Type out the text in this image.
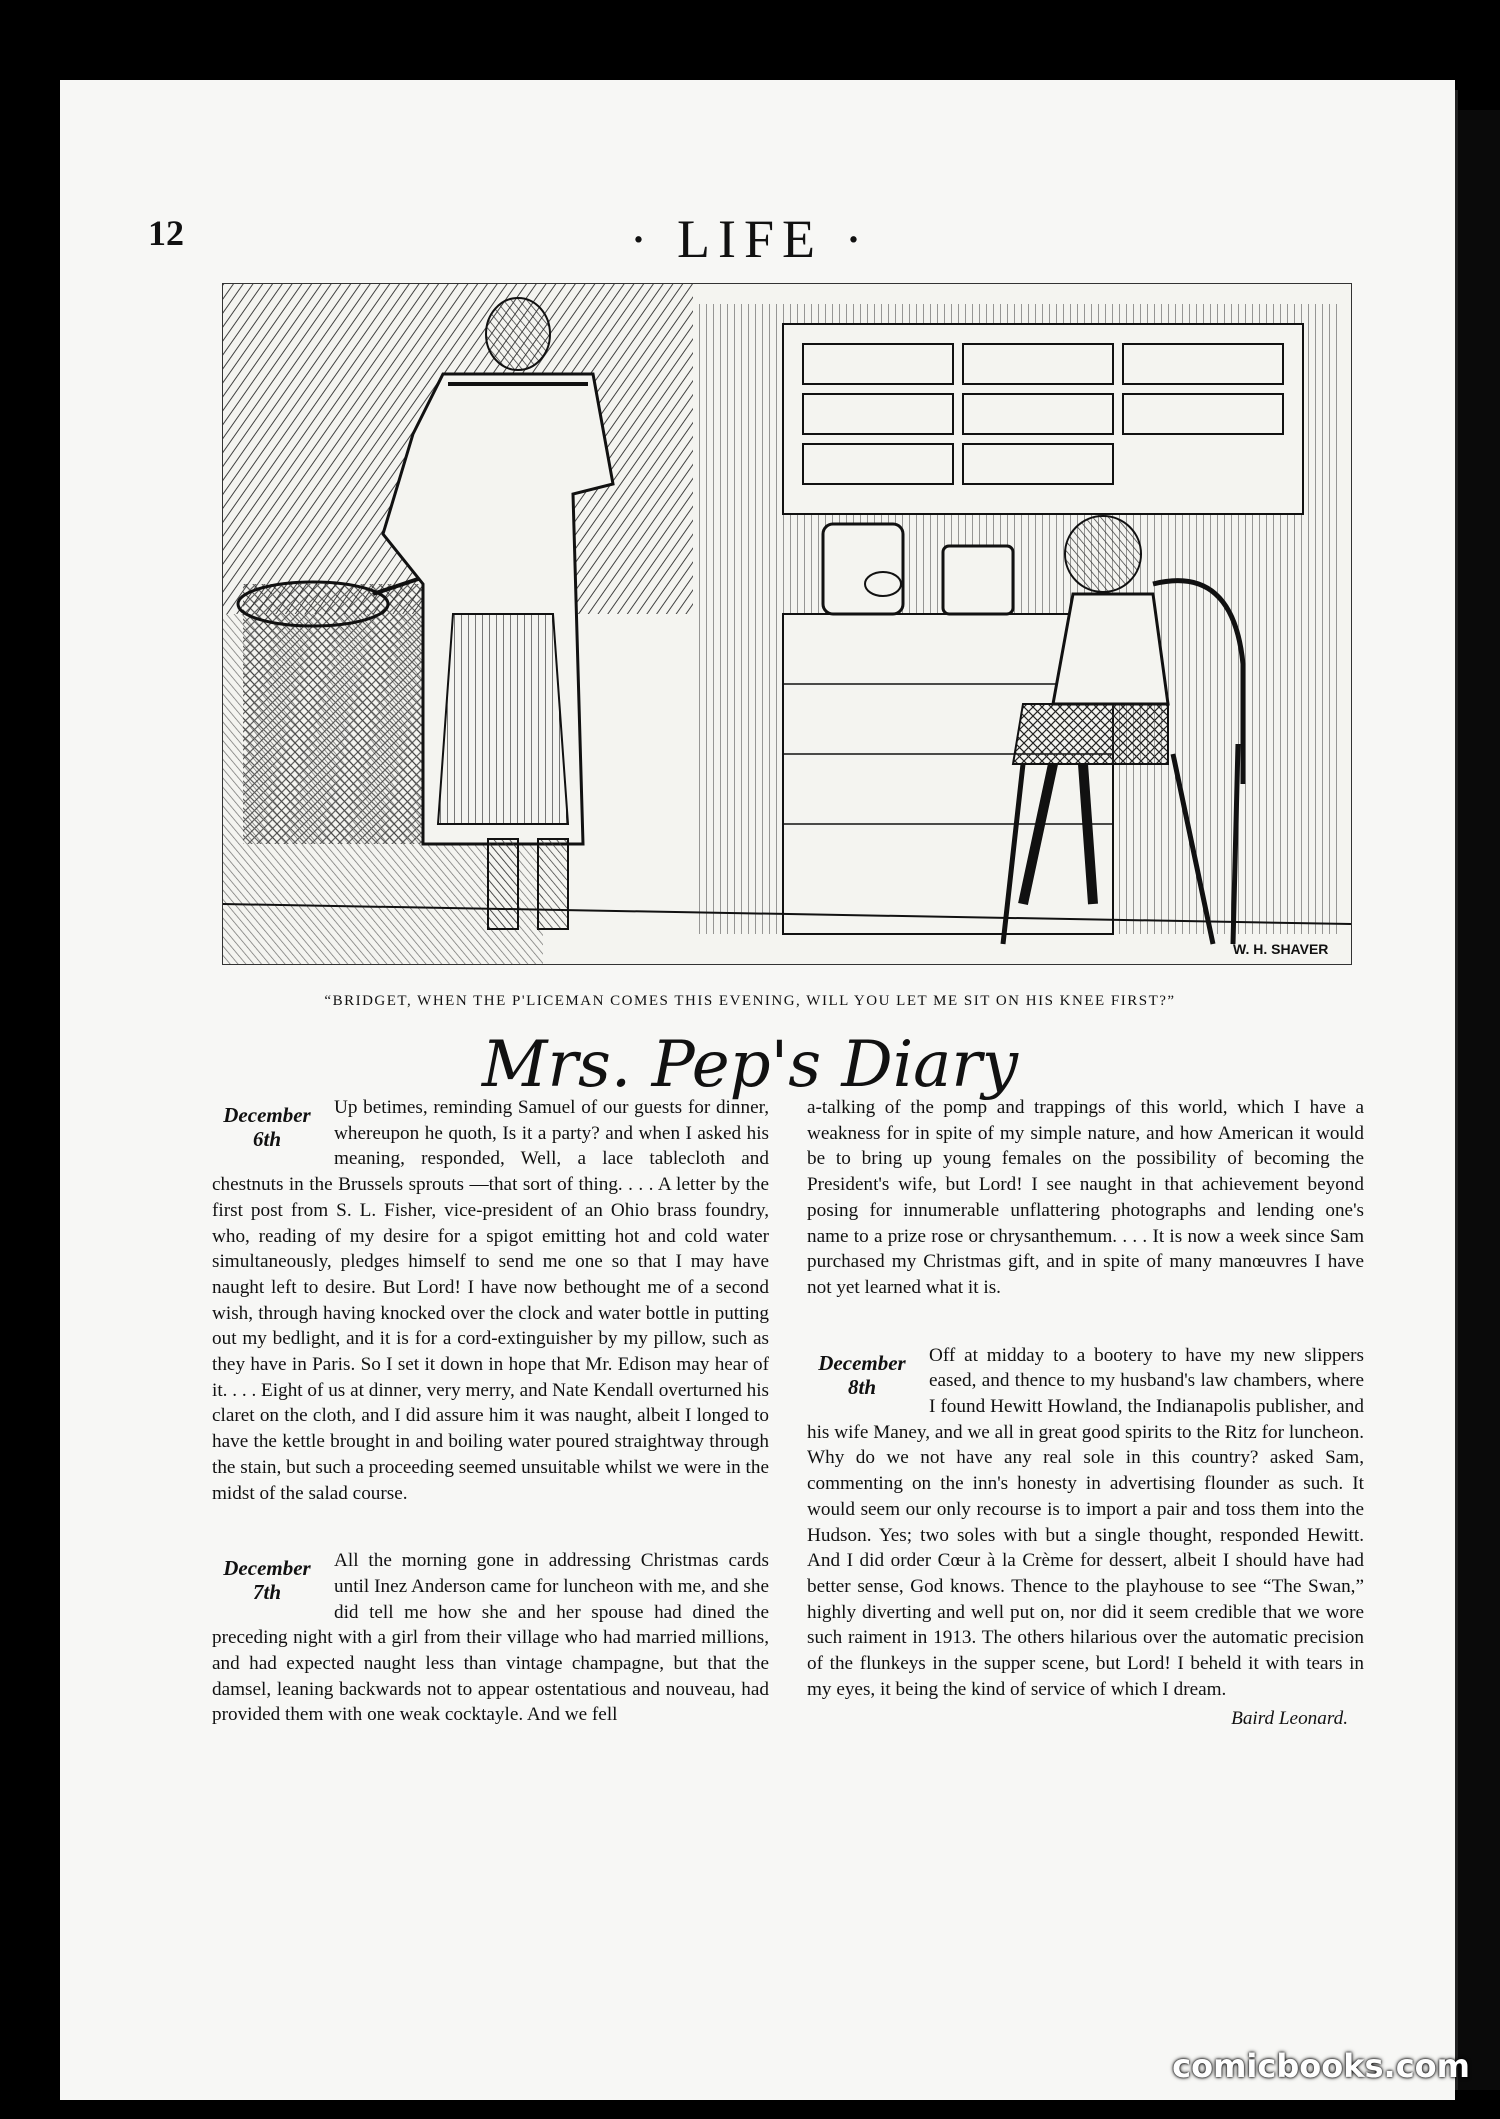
12	· LIFE ·
W. H. SHAVER
“BRIDGET, WHEN THE P'LICEMAN COMES THIS EVENING, WILL YOU LET ME SIT ON HIS KNEE FIRST?”
Mrs. Pep's Diary

December
6th
Up betimes, reminding Samuel of our guests for dinner, whereupon he quoth, Is it a party? and when I asked his meaning, responded, Well, a lace tablecloth and chestnuts in the Brussels sprouts —that sort of thing. . . . A letter by the first post from S. L. Fisher, vice-president of an Ohio brass foundry, who, reading of my desire for a spigot emitting hot and cold water simultaneously, pledges himself to send me one so that I may have naught left to desire. But Lord! I have now bethought me of a second wish, through having knocked over the clock and water bottle in putting out my bedlight, and it is for a cord-extinguisher by my pillow, such as they have in Paris. So I set it down in hope that Mr. Edison may hear of it. . . . Eight of us at dinner, very merry, and Nate Kendall overturned his claret on the cloth, and I did assure him it was naught, albeit I longed to have the kettle brought in and boiling water poured straightway through the stain, but such a proceeding seemed unsuitable whilst we were in the midst of the salad course.

December
7th
All the morning gone in addressing Christmas cards until Inez Anderson came for luncheon with me, and she did tell me how she and her spouse had dined the preceding night with a girl from their village who had married millions, and had expected naught less than vintage champagne, but that the damsel, leaning backwards not to appear ostentatious and nouveau, had provided them with one weak cocktayle. And we fell

a-talking of the pomp and trappings of this world, which I have a weakness for in spite of my simple nature, and how American it would be to bring up young females on the possibility of becoming the President's wife, but Lord! I see naught in that achievement beyond posing for innumerable unflattering photographs and lending one's name to a prize rose or chrysanthemum. . . . It is now a week since Sam purchased my Christmas gift, and in spite of many manœuvres I have not yet learned what it is.

December
8th
Off at midday to a bootery to have my new slippers eased, and thence to my husband's law chambers, where I found Hewitt Howland, the Indianapolis publisher, and his wife Maney, and we all in great good spirits to the Ritz for luncheon. Why do we not have any real sole in this country? asked Sam, commenting on the inn's honesty in advertising flounder as such. It would seem our only recourse is to import a pair and toss them into the Hudson. Yes; two soles with but a single thought, responded Hewitt. And I did order Cœur à la Crème for dessert, albeit I should have had better sense, God knows. Thence to the playhouse to see “The Swan,” highly diverting and well put on, nor did it seem credible that we wore such raiment in 1913. The others hilarious over the automatic precision of the flunkeys in the supper scene, but Lord! I beheld it with tears in my eyes, it being the kind of service of which I dream.

Baird Leonard.
comicbooks.com
